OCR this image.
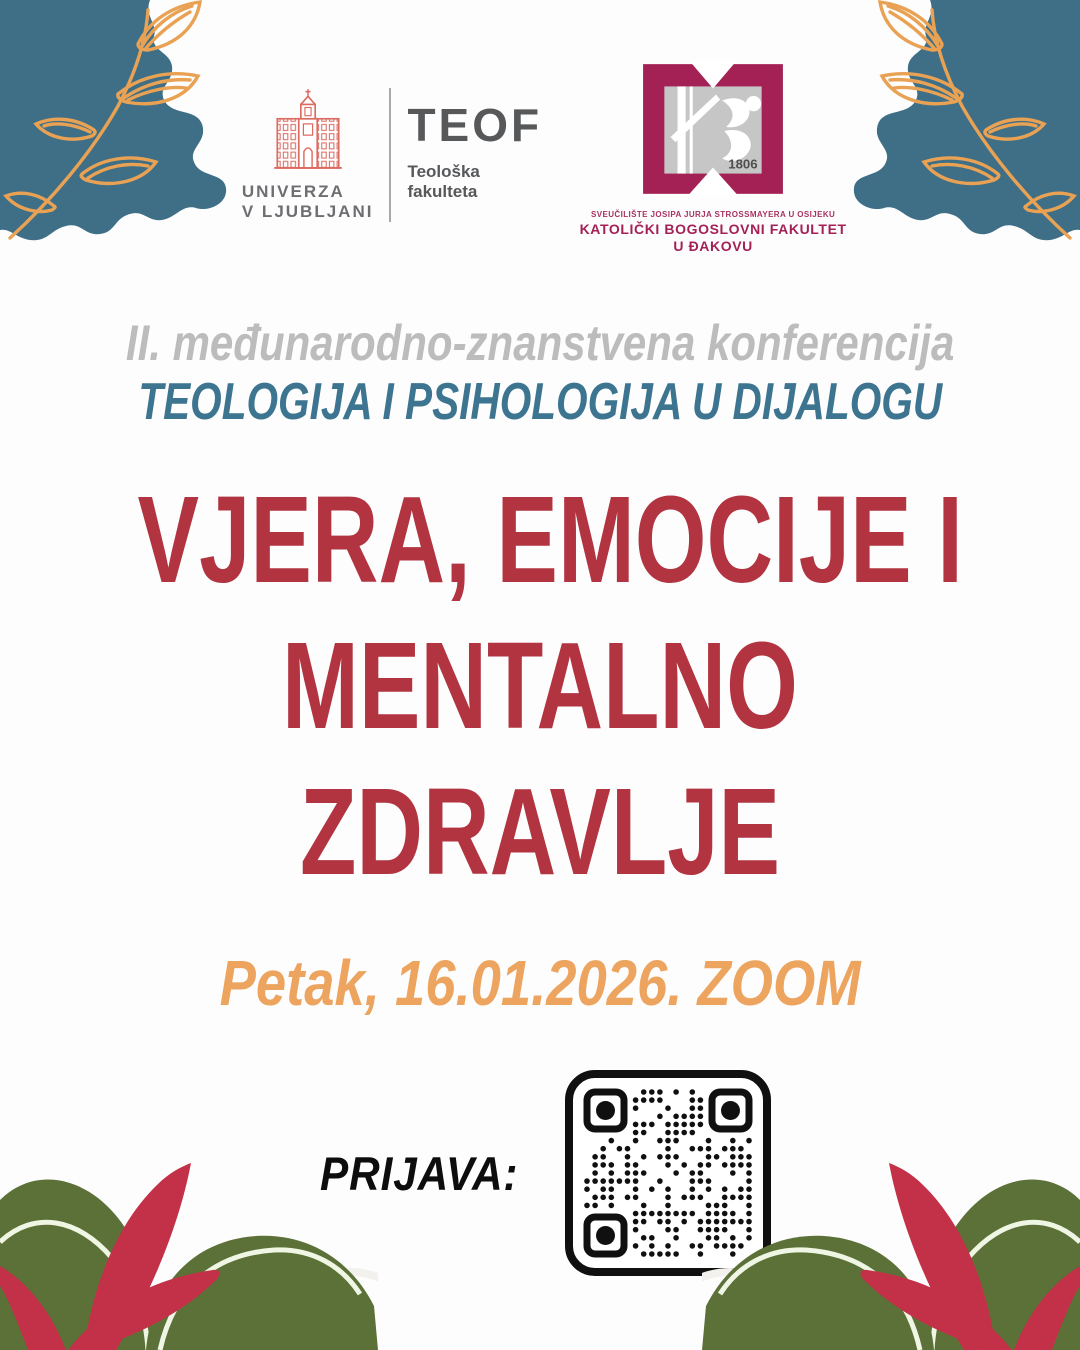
UNIVERZA
V LJUBLJANI
TEOF
Teološka
fakulteta
1806
SVEUČILIŠTE JOSIPA JURJA STROSSMAYERA U OSIJEKU
KATOLIČKI BOGOSLOVNI FAKULTET
U ĐAKOVU
II. međunarodno-znanstvena konferencija
TEOLOGIJA I PSIHOLOGIJA U DIJALOGU
VJERA, EMOCIJE I
MENTALNO
ZDRAVLJE
Petak, 16.01.2026. ZOOM
PRIJAVA:
